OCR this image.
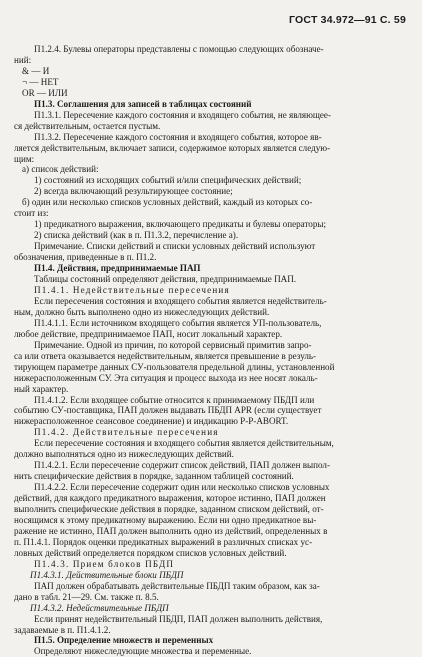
ГОСТ 34.972—91 С. 59
П1.2.4. Булевы операторы представлены с помощью следующих обозначе-
ний:
& — И
¬ — НЕТ
OR — ИЛИ
П1.3. Соглашения для записей в таблицах состояний
П1.3.1. Пересечение каждого состояния и входящего события, не являющее-
ся действительным, остается пустым.
П1.3.2. Пересечение каждого состояния и входящего события, которое яв-
ляется действительным, включает записи, содержимое которых является следую-
щим:
а) список действий:
1) состояний из исходящих событий и/или специфических действий;
2) всегда включающий результирующее состояние;
б) один или несколько списков условных действий, каждый из которых со-
стоит из:
1) предикатного выражения, включающего предикаты и булевы операторы;
2) списка действий (как в п. П1.3.2, перечисление а).
Примечание. Списки действий и списки условных действий используют
обозначения, приведенные в п. П1.2.
П1.4. Действия, предпринимаемые ПАП
Таблицы состояний определяют действия, предпринимаемые ПАП.
П1.4.1. Недействительные пересечения
Если пересечения состояния и входящего события является недействитель-
ным, должно быть выполнено одно из нижеследующих действий.
П1.4.1.1. Если источником входящего события является УП-пользователь,
любое действие, предпринимаемое ПАП, носит локальный характер.
Примечание. Одной из причин, по которой сервисный примитив запро-
са или ответа оказывается недействительным, является превышение в резуль-
тирующем параметре данных СУ-пользователя предельной длины, установленной
нижерасположенным СУ. Эта ситуация и процесс выхода из нее носят локаль-
ный характер.
П1.4.1.2. Если входящее событие относится к принимаемому ПБДП или
событию СУ-поставщика, ПАП должен выдавать ПБДП APR (если существует
нижерасположенное сеансовое соединение) и индикацию P-P-ABORT.
П1.4.2. Действительные пересечения
Если пересечение состояния и входящего события является действительным,
должно выполняться одно из нижеследующих действий.
П1.4.2.1. Если пересечение содержит список действий, ПАП должен выпол-
нить специфические действия в порядке, заданном таблицей состояний.
П1.4.2.2. Если пересечение содержит один или несколько списков условных
действий, для каждого предикатного выражения, которое истинно, ПАП должен
выполнить специфические действия в порядке, заданном списком действий, от-
носящимся к этому предикатному выражению. Если ни одно предикатное вы-
ражение не истинно, ПАП должен выполнить одно из действий, определенных в
п. П1.4.1. Порядок оценки предикатных выражений в различных списках ус-
ловных действий определяется порядком списков условных действий.
П1.4.3. Прием блоков ПБДП
П1.4.3.1. Действительные блоки ПБДП
ПАП должен обрабатывать действительные ПБДП таким образом, как за-
дано в табл. 21—29. См. также п. 8.5.
П1.4.3.2. Недействительные ПБДП
Если принят недействительный ПБДП, ПАП должен выполнить действия,
задаваемые в п. П1.4.1.2.
П1.5. Определение множеств и переменных
Определяют нижеследующие множества и переменные.
